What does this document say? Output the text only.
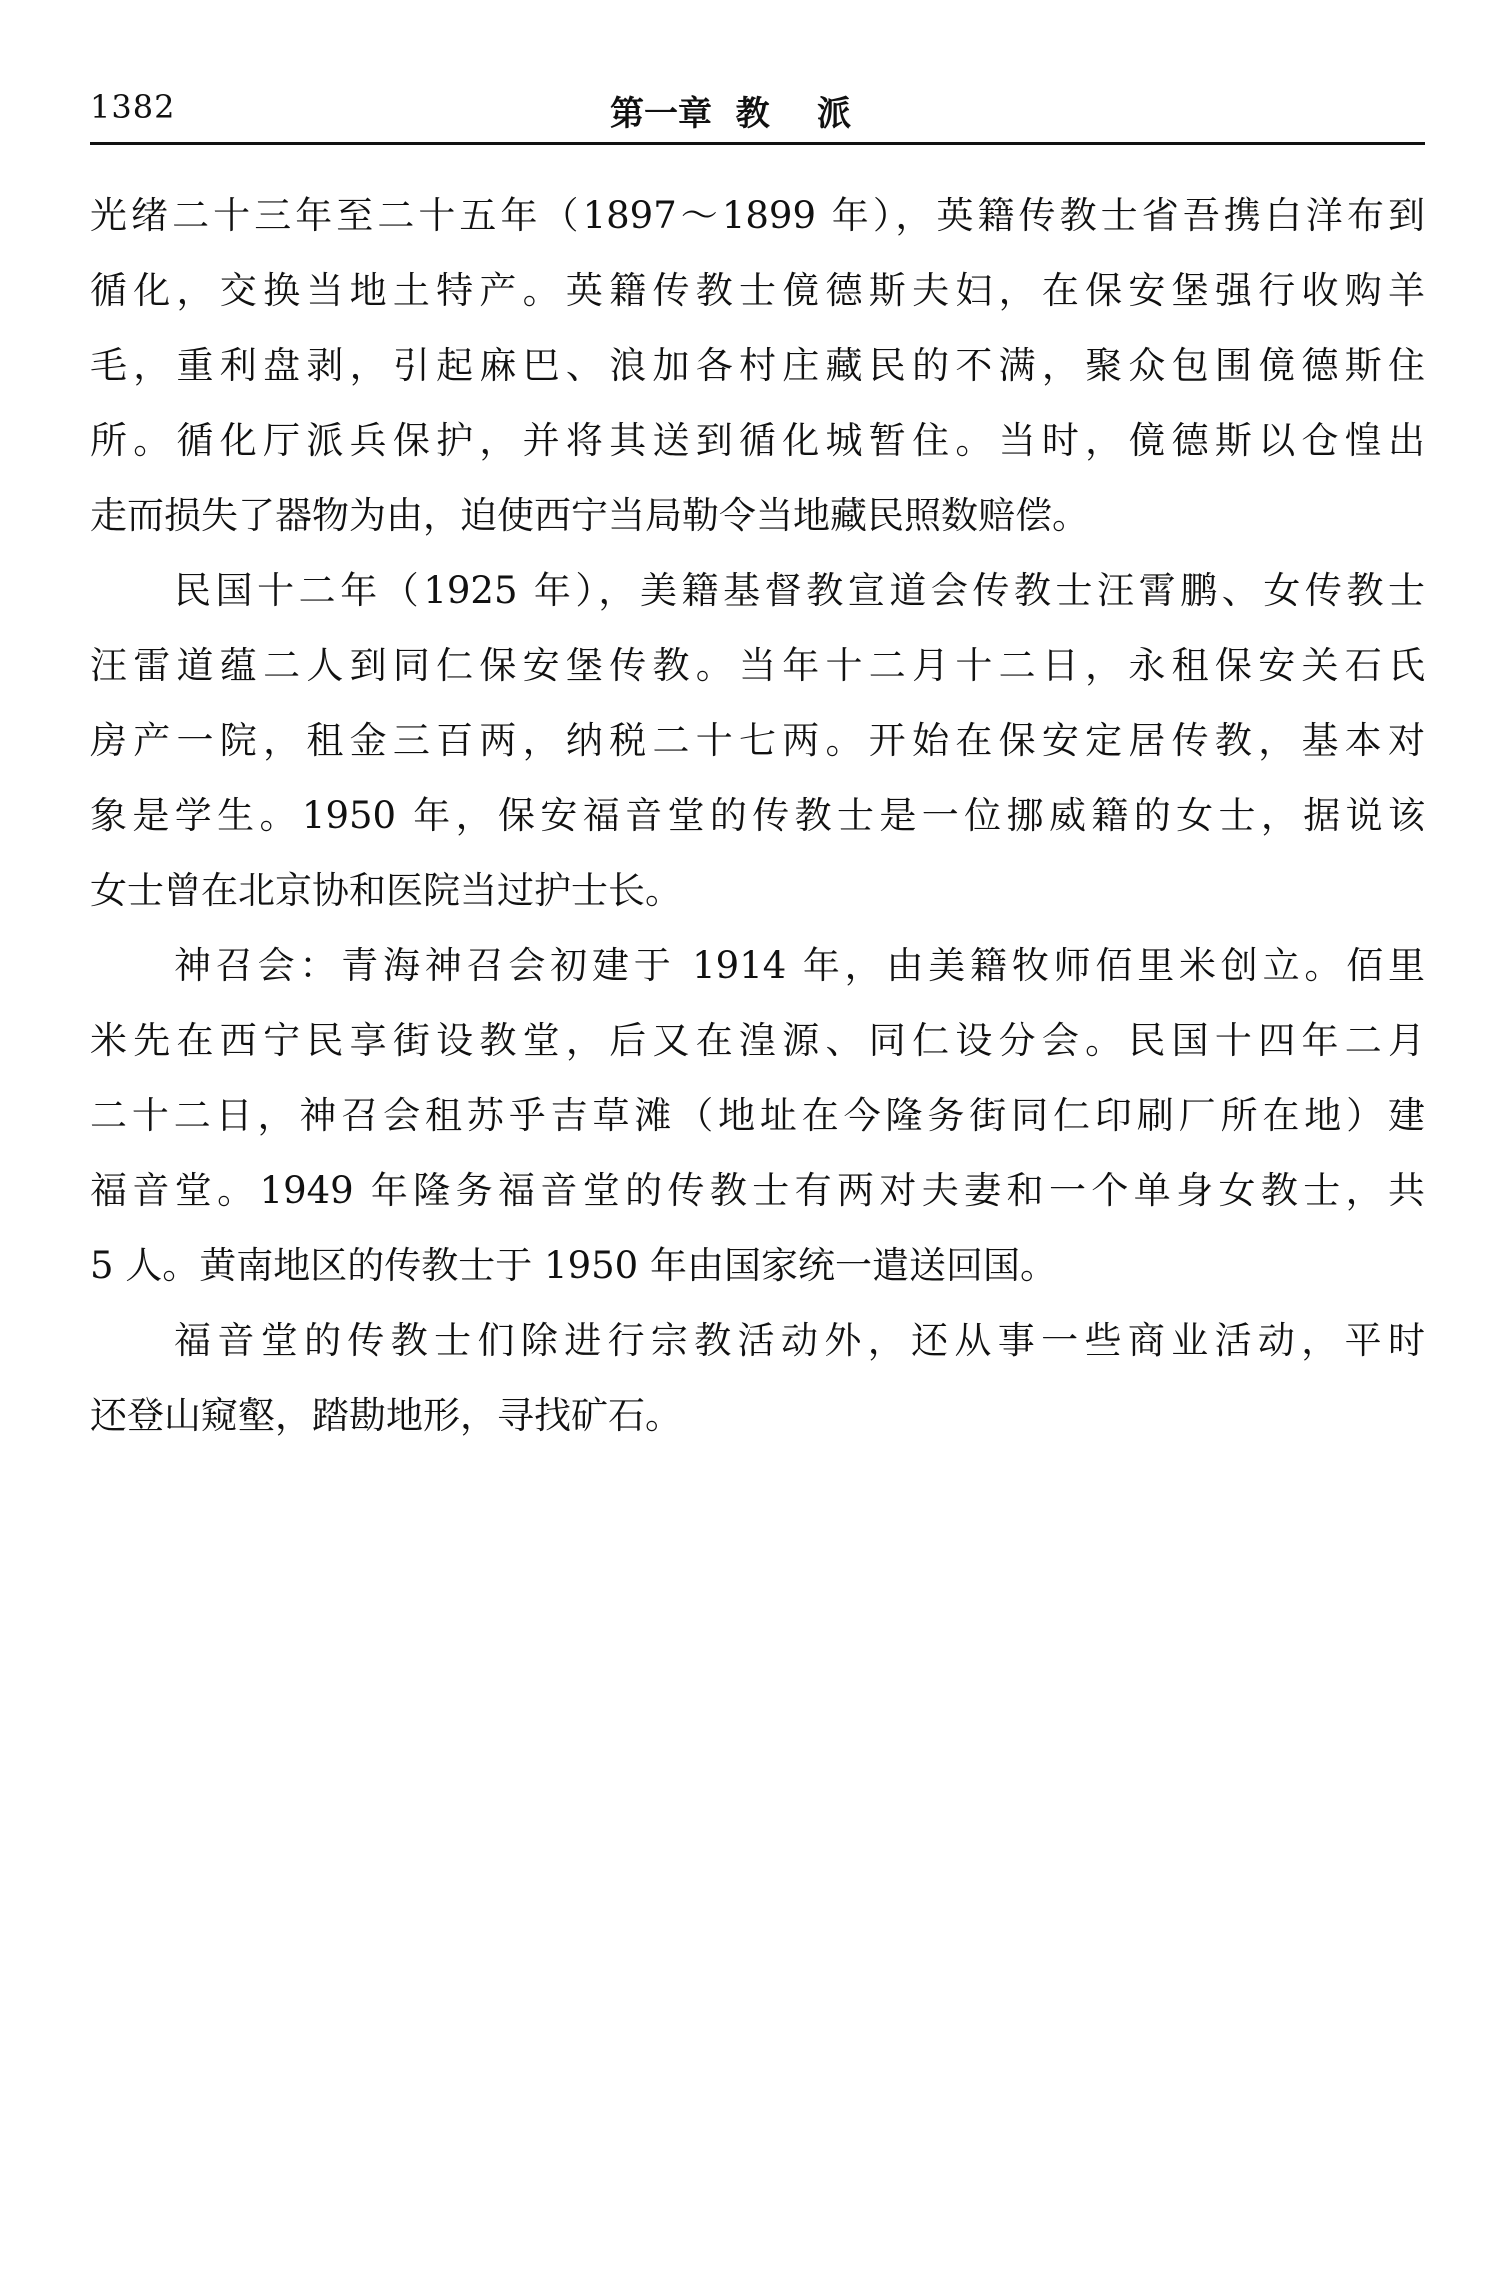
1382	第一章  教    派
光绪二十三年至二十五年（1897～1899 年），英籍传教士省吾携白洋布到
循化，交换当地土特产。英籍传教士傹德斯夫妇，在保安堡强行收购羊
毛，重利盘剥，引起麻巴、浪加各村庄藏民的不满，聚众包围傹德斯住
所。循化厅派兵保护，并将其送到循化城暂住。当时，傹德斯以仓惶出
走而损失了器物为由，迫使西宁当局勒令当地藏民照数赔偿。
民国十二年（1925 年），美籍基督教宣道会传教士汪霄鹏、女传教士
汪雷道蕴二人到同仁保安堡传教。当年十二月十二日，永租保安关石氏
房产一院，租金三百两，纳税二十七两。开始在保安定居传教，基本对
象是学生。1950 年，保安福音堂的传教士是一位挪威籍的女士，据说该
女士曾在北京协和医院当过护士长。
神召会：青海神召会初建于 1914 年，由美籍牧师佰里米创立。佰里
米先在西宁民享街设教堂，后又在湟源、同仁设分会。民国十四年二月
二十二日，神召会租苏乎吉草滩（地址在今隆务街同仁印刷厂所在地）建
福音堂。1949 年隆务福音堂的传教士有两对夫妻和一个单身女教士，共
5 人。黄南地区的传教士于 1950 年由国家统一遣送回国。
福音堂的传教士们除进行宗教活动外，还从事一些商业活动，平时
还登山窥壑，踏勘地形，寻找矿石。
